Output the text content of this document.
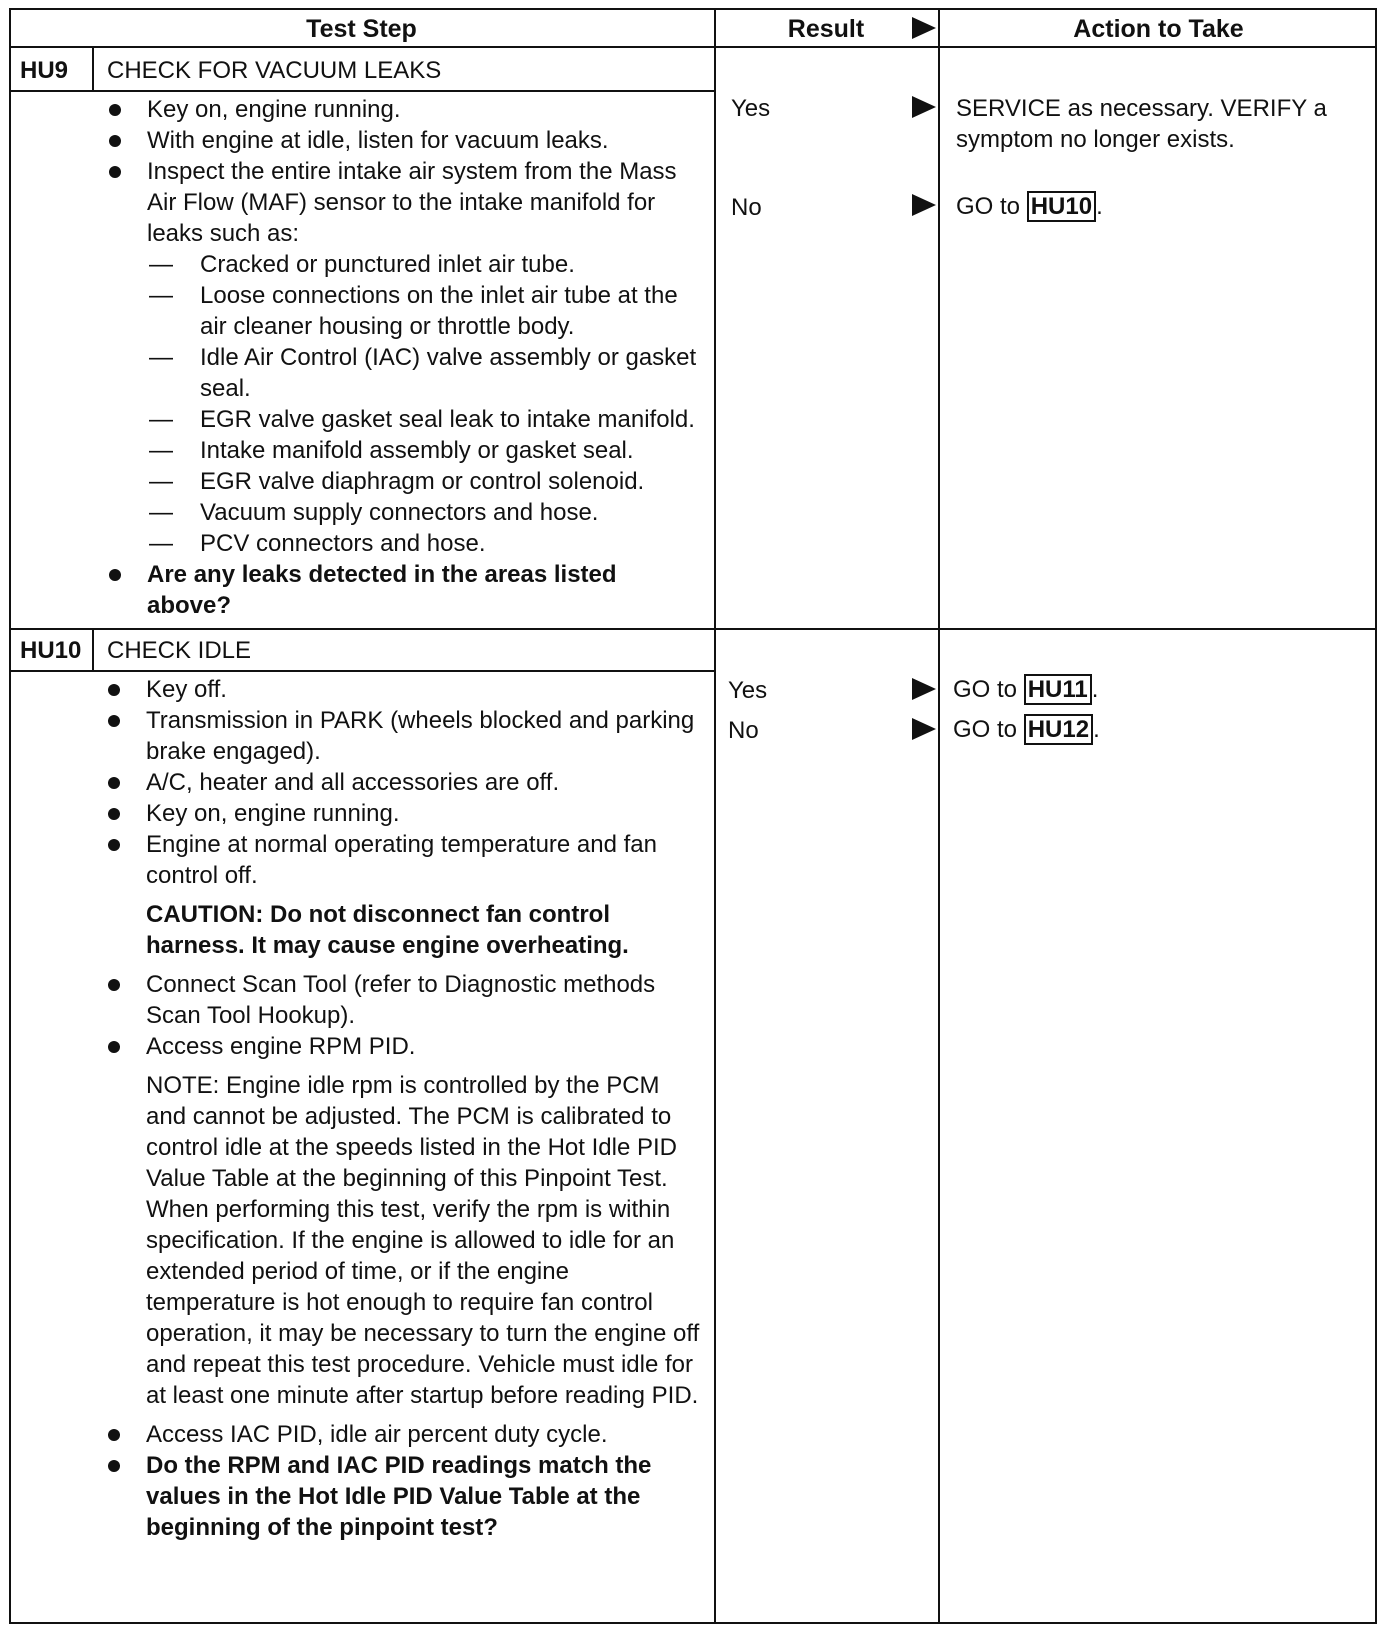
Test Step	Result	Action to Take
HU9 CHECK FOR VACUUM LEAKS
Key on, engine running.
With engine at idle, listen for vacuum leaks.
Inspect the entire intake air system from the Mass Air Flow (MAF) sensor to the intake manifold for leaks such as:
— Cracked or punctured inlet air tube.
— Loose connections on the inlet air tube at the air cleaner housing or throttle body.
— Idle Air Control (IAC) valve assembly or gasket seal.
— EGR valve gasket seal leak to intake manifold.
— Intake manifold assembly or gasket seal.
— EGR valve diaphragm or control solenoid.
— Vacuum supply connectors and hose.
— PCV connectors and hose.
Are any leaks detected in the areas listed above?
Yes
No
SERVICE as necessary. VERIFY a symptom no longer exists.
GO to HU10 .
HU10 CHECK IDLE
Key off.
Transmission in PARK (wheels blocked and parking brake engaged).
A/C, heater and all accessories are off.
Key on, engine running.
Engine at normal operating temperature and fan control off.
CAUTION: Do not disconnect fan control harness. It may cause engine overheating.
Connect Scan Tool (refer to Diagnostic methods Scan Tool Hookup).
Access engine RPM PID.
NOTE: Engine idle rpm is controlled by the PCM and cannot be adjusted. The PCM is calibrated to control idle at the speeds listed in the Hot Idle PID Value Table at the beginning of this Pinpoint Test. When performing this test, verify the rpm is within specification. If the engine is allowed to idle for an extended period of time, or if the engine temperature is hot enough to require fan control operation, it may be necessary to turn the engine off and repeat this test procedure. Vehicle must idle for at least one minute after startup before reading PID.
Access IAC PID, idle air percent duty cycle.
Do the RPM and IAC PID readings match the values in the Hot Idle PID Value Table at the beginning of the pinpoint test?
Yes
No
GO to HU11 .
GO to HU12 .
